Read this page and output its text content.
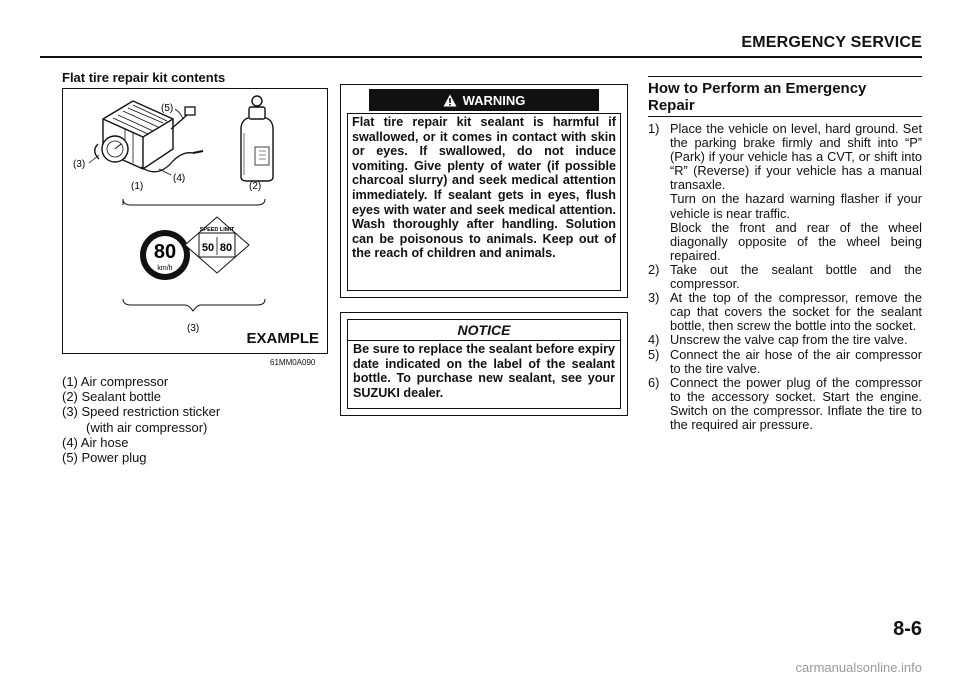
EMERGENCY SERVICE
Flat tire repair kit contents
(5)
(3)
(4)
(1)	(2)
80
km/h
SPEED LIMIT
50 80
(3)
EXAMPLE
61MM0A090
(1) Air compressor
(2) Sealant bottle
(3) Speed restriction sticker
(with air compressor)
(4) Air hose
(5) Power plug
WARNING
Flat tire repair kit sealant is harmful if swallowed, or it comes in contact with skin or eyes. If swallowed, do not induce vomiting. Give plenty of water (if possible charcoal slurry) and seek medical attention immediately. If sealant gets in eyes, flush eyes with water and seek medical attention. Wash thoroughly after handling. Solution can be poisonous to animals. Keep out of the reach of children and animals.
NOTICE
Be sure to replace the sealant before expiry date indicated on the label of the sealant bottle. To purchase new sealant, see your SUZUKI dealer.
How to Perform an Emergency
Repair
1) Place the vehicle on level, hard ground. Set the parking brake firmly and shift into “P” (Park) if your vehicle has a CVT, or shift into “R” (Reverse) if your vehicle has a manual transaxle.
Turn on the hazard warning flasher if your vehicle is near traffic.
Block the front and rear of the wheel diagonally opposite of the wheel being repaired.
2) Take out the sealant bottle and the compressor.
3) At the top of the compressor, remove the cap that covers the socket for the sealant bottle, then screw the bottle into the socket.
4) Unscrew the valve cap from the tire valve.
5) Connect the air hose of the air compressor to the tire valve.
6) Connect the power plug of the compressor to the accessory socket. Start the engine. Switch on the compressor. Inflate the tire to the required air pressure.
8-6
carmanualsonline.info
